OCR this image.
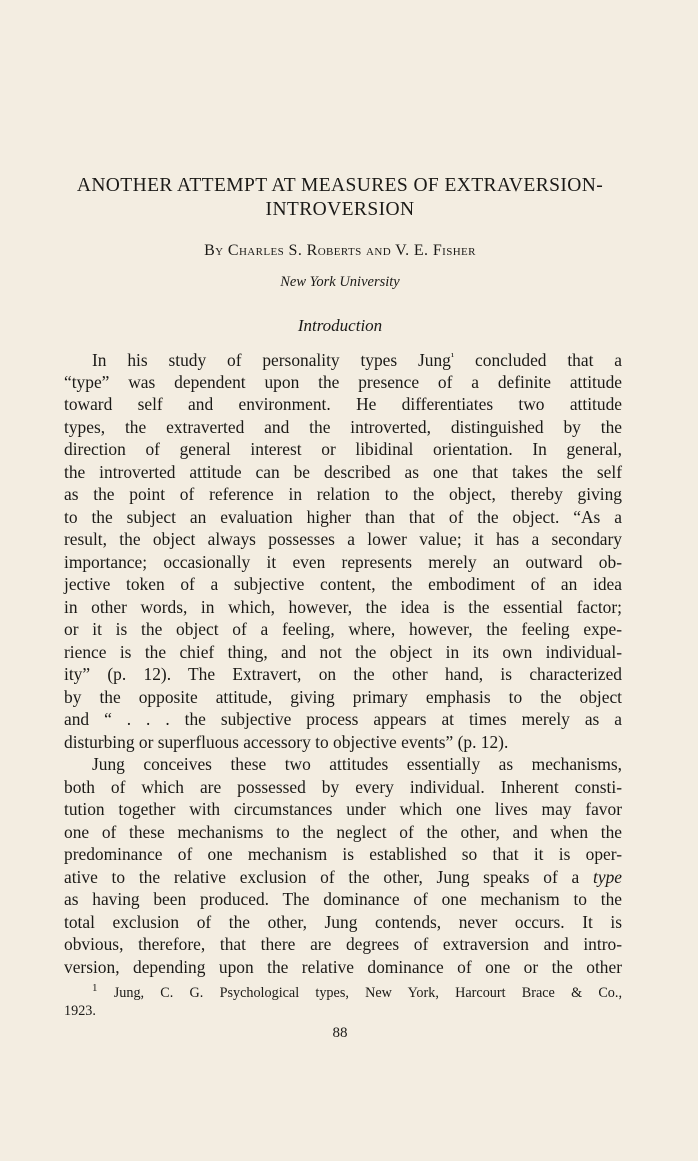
ANOTHER ATTEMPT AT MEASURES OF EXTRAVERSION-
INTROVERSION
By Charles S. Roberts and V. E. Fisher
New York University
Introduction
In his study of personality types Jung$^{^1}$ concluded that a
“type” was dependent upon the presence of a definite attitude
toward self and environment. He differentiates two attitude
types, the extraverted and the introverted, distinguished by the
direction of general interest or libidinal orientation. In general,
the introverted attitude can be described as one that takes the self
as the point of reference in relation to the object, thereby giving
to the subject an evaluation higher than that of the object. “As a
result, the object always possesses a lower value; it has a secondary
importance; occasionally it even represents merely an outward ob-
jective token of a subjective content, the embodiment of an idea
in other words, in which, however, the idea is the essential factor;
or it is the object of a feeling, where, however, the feeling expe-
rience is the chief thing, and not the object in its own individual-
ity” (p. 12). The Extravert, on the other hand, is characterized
by the opposite attitude, giving primary emphasis to the object
and “ . . . the subjective process appears at times merely as a
disturbing or superfluous accessory to objective events” (p. 12).
Jung conceives these two attitudes essentially as mechanisms,
both of which are possessed by every individual. Inherent consti-
tution together with circumstances under which one lives may favor
one of these mechanisms to the neglect of the other, and when the
predominance of one mechanism is established so that it is oper-
ative to the relative exclusion of the other, Jung speaks of a type
as having been produced. The dominance of one mechanism to the
total exclusion of the other, Jung contends, never occurs. It is
obvious, therefore, that there are degrees of extraversion and intro-
version, depending upon the relative dominance of one or the other
$^1$ Jung, C. G. Psychological types, New York, Harcourt Brace & Co.,
1923.
88
